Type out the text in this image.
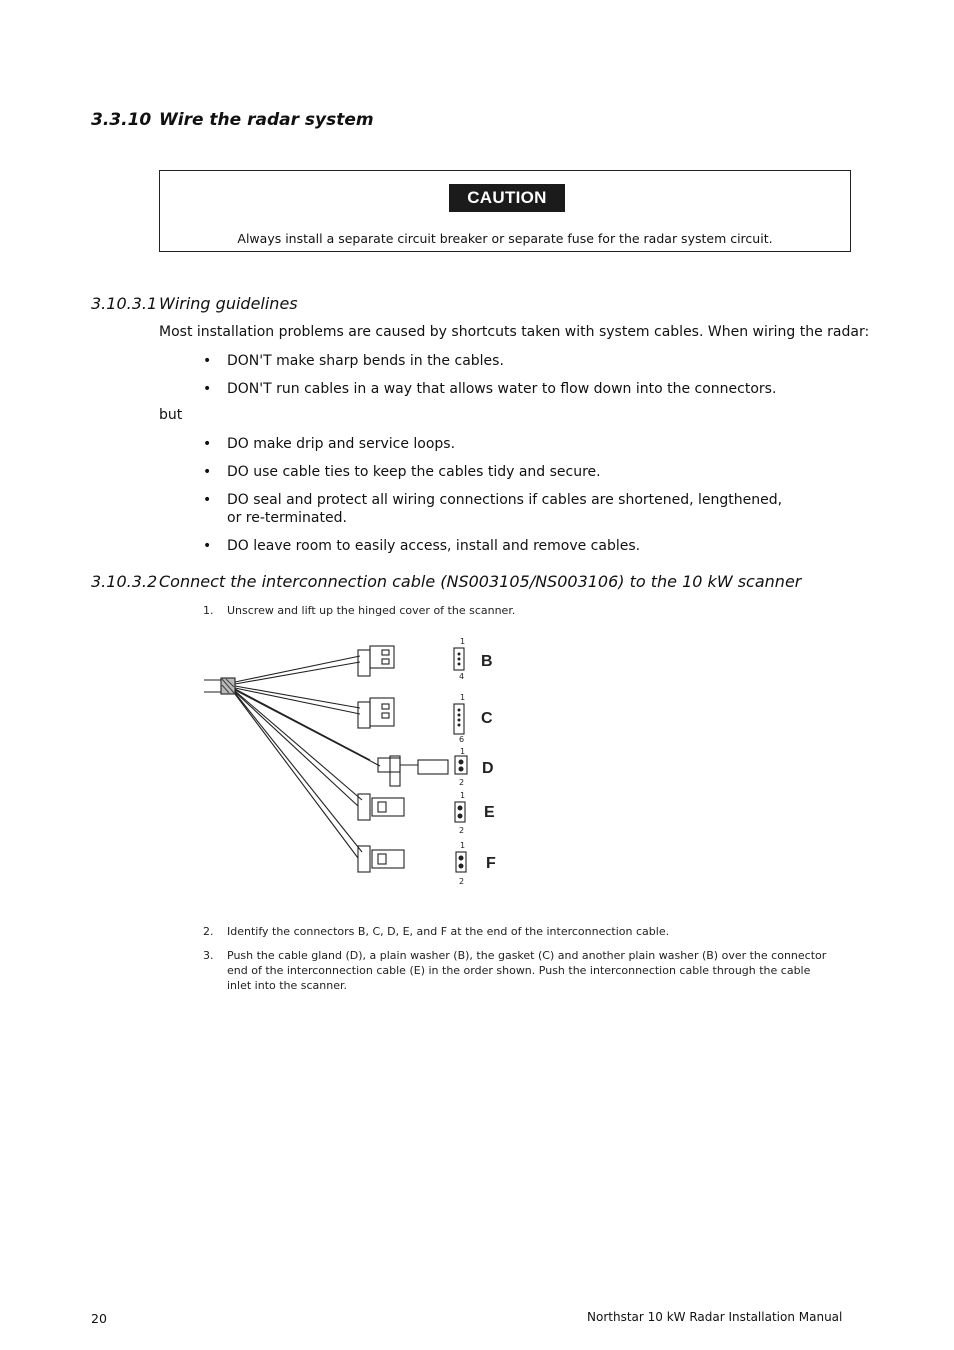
3.3.10 Wire the radar system
CAUTION
Always install a separate circuit breaker or separate fuse for the radar system circuit.
3.10.3.1 Wiring guidelines
Most installation problems are caused by shortcuts taken with system cables. When wiring the radar:
• DON'T make sharp bends in the cables.
• DON'T run cables in a way that allows water to flow down into the connectors.
but
• DO make drip and service loops.
• DO use cable ties to keep the cables tidy and secure.
• DO seal and protect all wiring connections if cables are shortened, lengthened, or re-terminated.
• DO leave room to easily access, install and remove cables.
3.10.3.2 Connect the interconnection cable (NS003105/NS003106) to the 10 kW scanner
1. Unscrew and lift up the hinged cover of the scanner.
1
4
1
6
1
2
1
2
1
2
B
C
D
E
F
2. Identify the connectors B, C, D, E, and F at the end of the interconnection cable.
3. Push the cable gland (D), a plain washer (B), the gasket (C) and another plain washer (B) over the connector end of the interconnection cable (E) in the order shown. Push the interconnection cable through the cable inlet into the scanner.
20	Northstar 10 kW Radar Installation Manual
